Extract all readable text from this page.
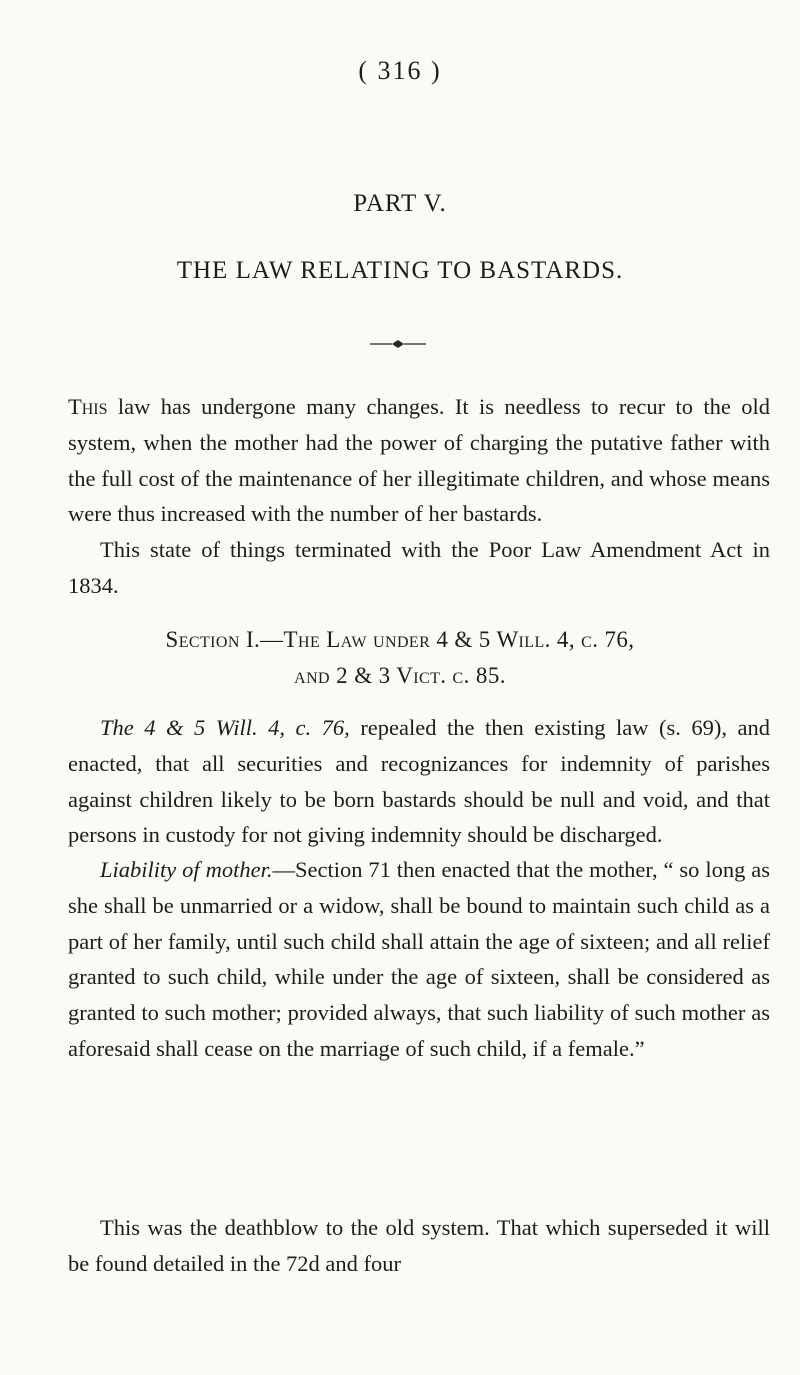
( 316 )
PART V.
THE LAW RELATING TO BASTARDS.

This law has undergone many changes. It is needless to recur to the old system, when the mother had the power of charging the putative father with the full cost of the maintenance of her illegitimate children, and whose means were thus increased with the number of her bastards.

This state of things terminated with the Poor Law Amendment Act in 1834.

Section I.—The Law under 4 & 5 Will. 4, c. 76,
and 2 & 3 Vict. c. 85.

The 4 & 5 Will. 4, c. 76, repealed the then existing law (s. 69), and enacted, that all securities and recognizances for indemnity of parishes against children likely to be born bastards should be null and void, and that persons in custody for not giving indemnity should be discharged.

Liability of mother.—Section 71 then enacted that the mother, “ so long as she shall be unmarried or a widow, shall be bound to maintain such child as a part of her family, until such child shall attain the age of sixteen; and all relief granted to such child, while under the age of sixteen, shall be considered as granted to such mother; provided always, that such liability of such mother as aforesaid shall cease on the marriage of such child, if a female.”

This was the deathblow to the old system. That which superseded it will be found detailed in the 72d and four
